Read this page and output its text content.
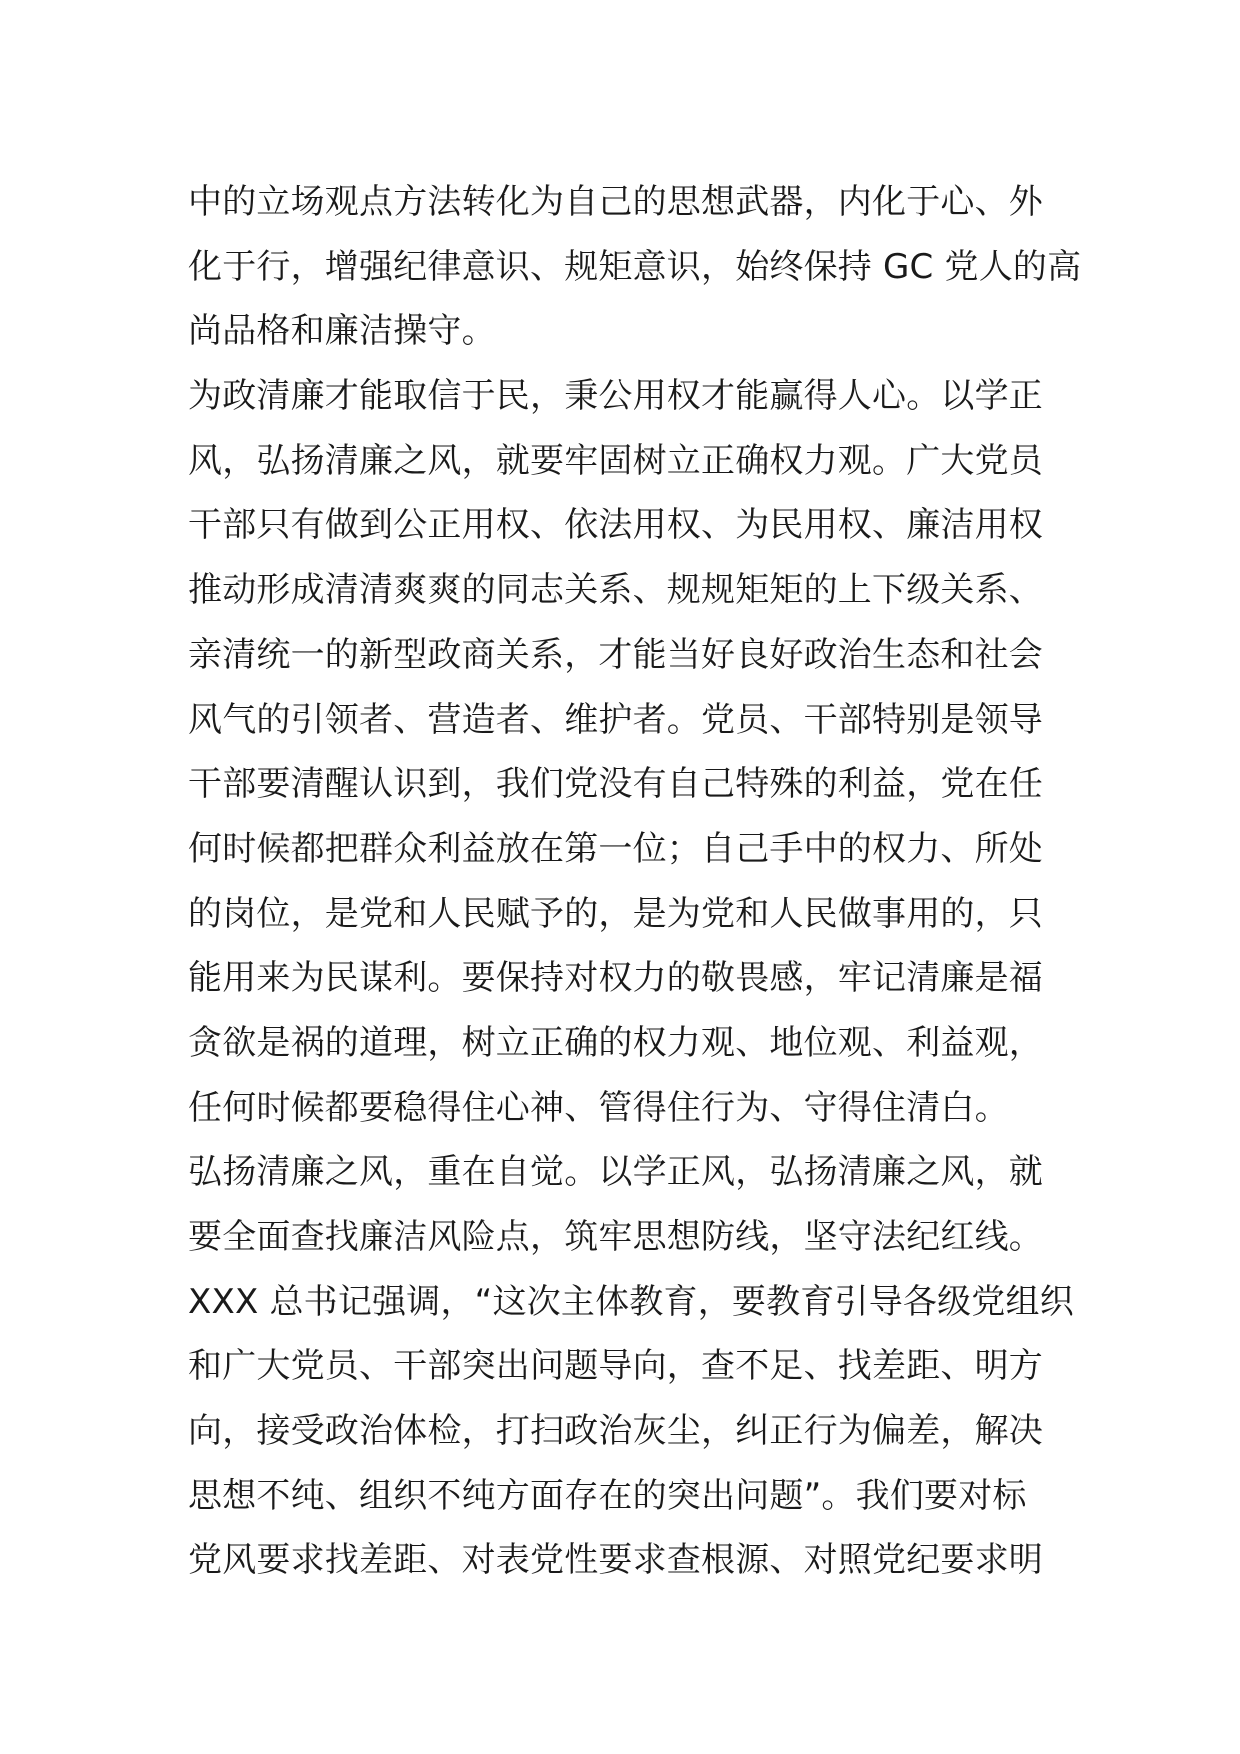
中的立场观点方法转化为自己的思想武器，内化于心、外
化于行，增强纪律意识、规矩意识，始终保持 GC 党人的高
尚品格和廉洁操守。
为政清廉才能取信于民，秉公用权才能赢得人心。以学正
风，弘扬清廉之风，就要牢固树立正确权力观。广大党员
干部只有做到公正用权、依法用权、为民用权、廉洁用权
推动形成清清爽爽的同志关系、规规矩矩的上下级关系、
亲清统一的新型政商关系，才能当好良好政治生态和社会
风气的引领者、营造者、维护者。党员、干部特别是领导
干部要清醒认识到，我们党没有自己特殊的利益，党在任
何时候都把群众利益放在第一位；自己手中的权力、所处
的岗位，是党和人民赋予的，是为党和人民做事用的，只
能用来为民谋利。要保持对权力的敬畏感，牢记清廉是福
贪欲是祸的道理，树立正确的权力观、地位观、利益观，
任何时候都要稳得住心神、管得住行为、守得住清白。
弘扬清廉之风，重在自觉。以学正风，弘扬清廉之风，就
要全面查找廉洁风险点，筑牢思想防线，坚守法纪红线。
XXX 总书记强调，“这次主体教育，要教育引导各级党组织
和广大党员、干部突出问题导向，查不足、找差距、明方
向，接受政治体检，打扫政治灰尘，纠正行为偏差，解决
思想不纯、组织不纯方面存在的突出问题”。我们要对标
党风要求找差距、对表党性要求查根源、对照党纪要求明
